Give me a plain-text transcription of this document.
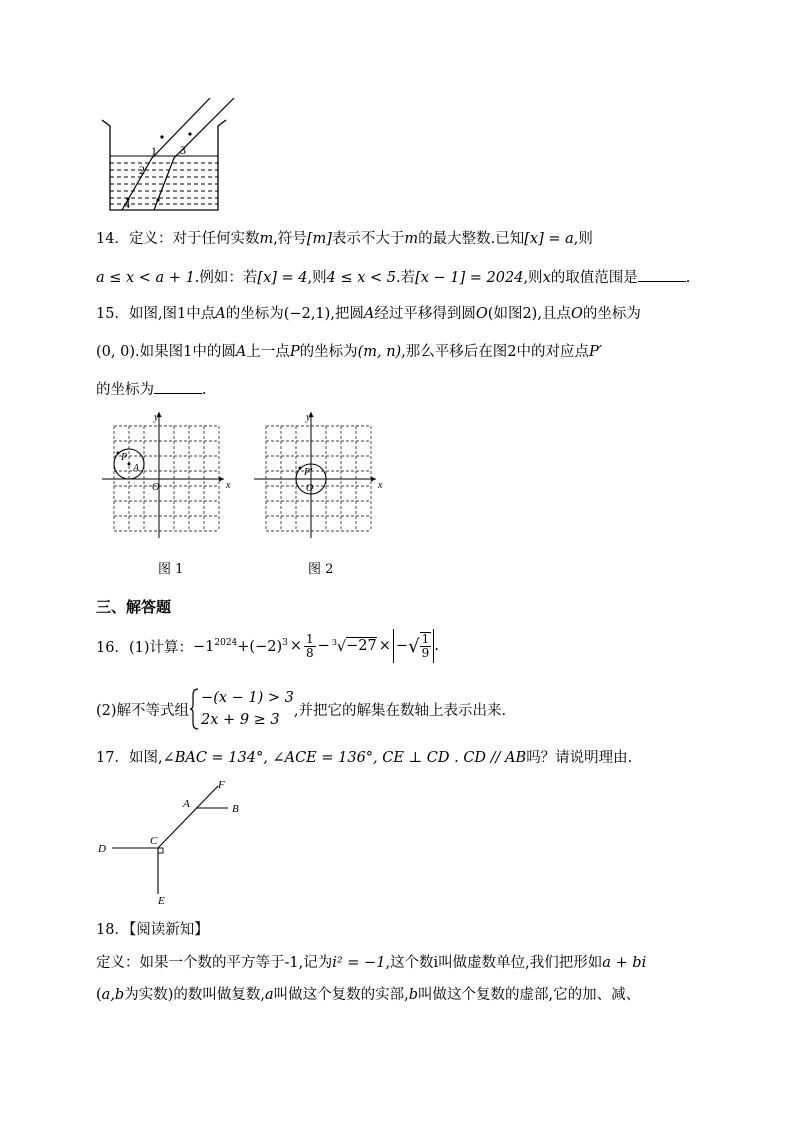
1
2
3
4
14．定义：对于任何实数m,符号[m]表示不大于m的最大整数.已知[x] = a,则
a ≤ x < a + 1.例如：若[x] = 4,则4 ≤ x < 5.若[x − 1] = 2024,则x的取值范围是	.
15．如图,图1中点A的坐标为(−2,1),把圆A经过平移得到圆O(如图2),且点O的坐标为
(0, 0).如果图1中的圆A上一点P的坐标为(m, n),那么平移后在图2中的对应点P′
的坐标为	.
y
x
O
P
A
y
x
O
P′
图 1	图 2
三、解答题
16． (1)计算： $-1^{2024} +(-2)^3 \times \frac{1}{8} - ^3√-27$ × − √ 1
9 .
(2)解不等式组
−(x − 1) > 3
2x + 9 ≥ 3
,并把它的解集在数轴上表示出来.
17．如图,∠BAC = 134°, ∠ACE = 136°, CE ⊥ CD . CD // AB吗？请说明理由.
F
A	B
C
D
E
18．【阅读新知】
定义：如果一个数的平方等于-1,记为i² = −1,这个数i叫做虚数单位,我们把形如a + bi
(a,b为实数)的数叫做复数,a叫做这个复数的实部,b叫做这个复数的虚部,它的加、减、
−1²⁰²⁴ + (−2)³ × 1/8 − ∛(−27) × |−√(1/9)|.
